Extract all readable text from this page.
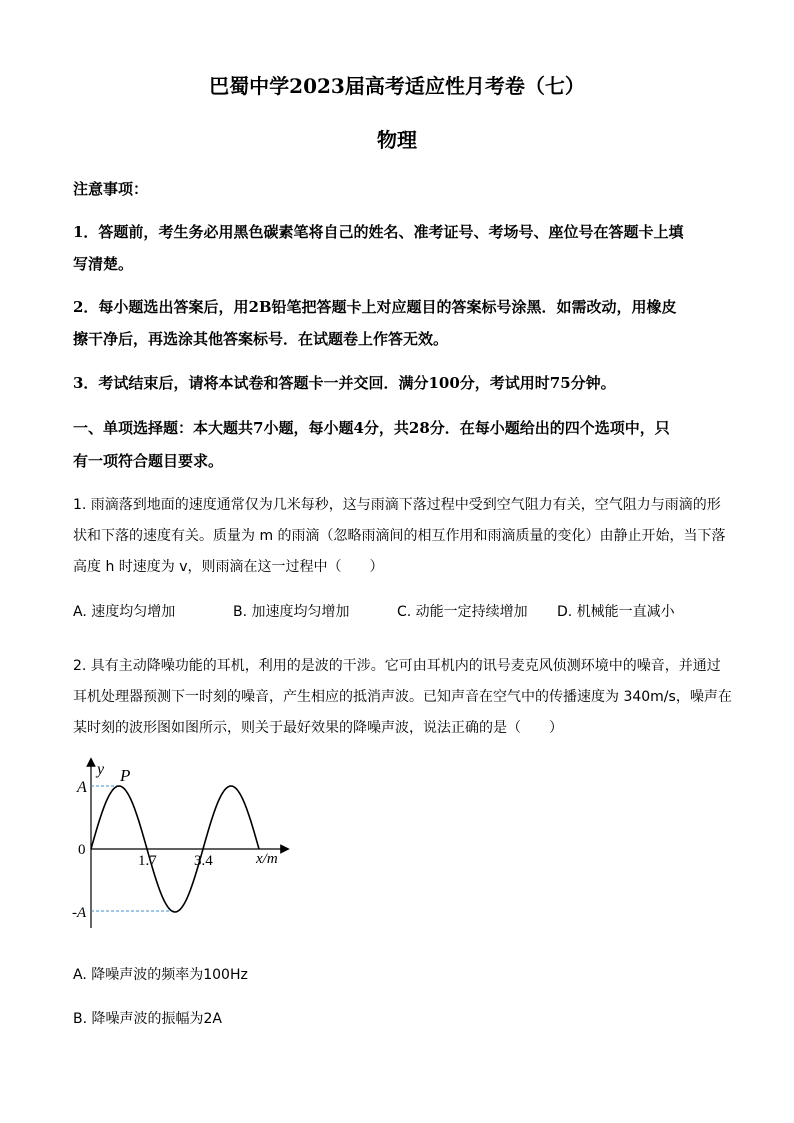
巴蜀中学2023届高考适应性月考卷（七）
物理
注意事项：
1．答题前，考生务必用黑色碳素笔将自己的姓名、准考证号、考场号、座位号在答题卡上填
写清楚。
2．每小题选出答案后，用2B铅笔把答题卡上对应题目的答案标号涂黑．如需改动，用橡皮
擦干净后，再选涂其他答案标号．在试题卷上作答无效。
3．考试结束后，请将本试卷和答题卡一并交回．满分100分，考试用时75分钟。
一、单项选择题：本大题共7小题，每小题4分，共28分．在每小题给出的四个选项中，只
有一项符合题目要求。
1. 雨滴落到地面的速度通常仅为几米每秒，这与雨滴下落过程中受到空气阻力有关，空气阻力与雨滴的形
状和下落的速度有关。质量为 m 的雨滴（忽略雨滴间的相互作用和雨滴质量的变化）由静止开始，当下落
高度 h 时速度为 v，则雨滴在这一过程中（　　）
A. 速度均匀增加	B. 加速度均匀增加	C. 动能一定持续增加 D. 机械能一直减小
2. 具有主动降噪功能的耳机，利用的是波的干涉。它可由耳机内的讯号麦克风侦测环境中的噪音，并通过
耳机处理器预测下一时刻的噪音，产生相应的抵消声波。已知声音在空气中的传播速度为 340m/s，噪声在
某时刻的波形图如图所示，则关于最好效果的降噪声波，说法正确的是（　　）
y P
A
0
-A
1.7 3.4	x/m
A. 降噪声波的频率为100Hz
B. 降噪声波的振幅为2A
